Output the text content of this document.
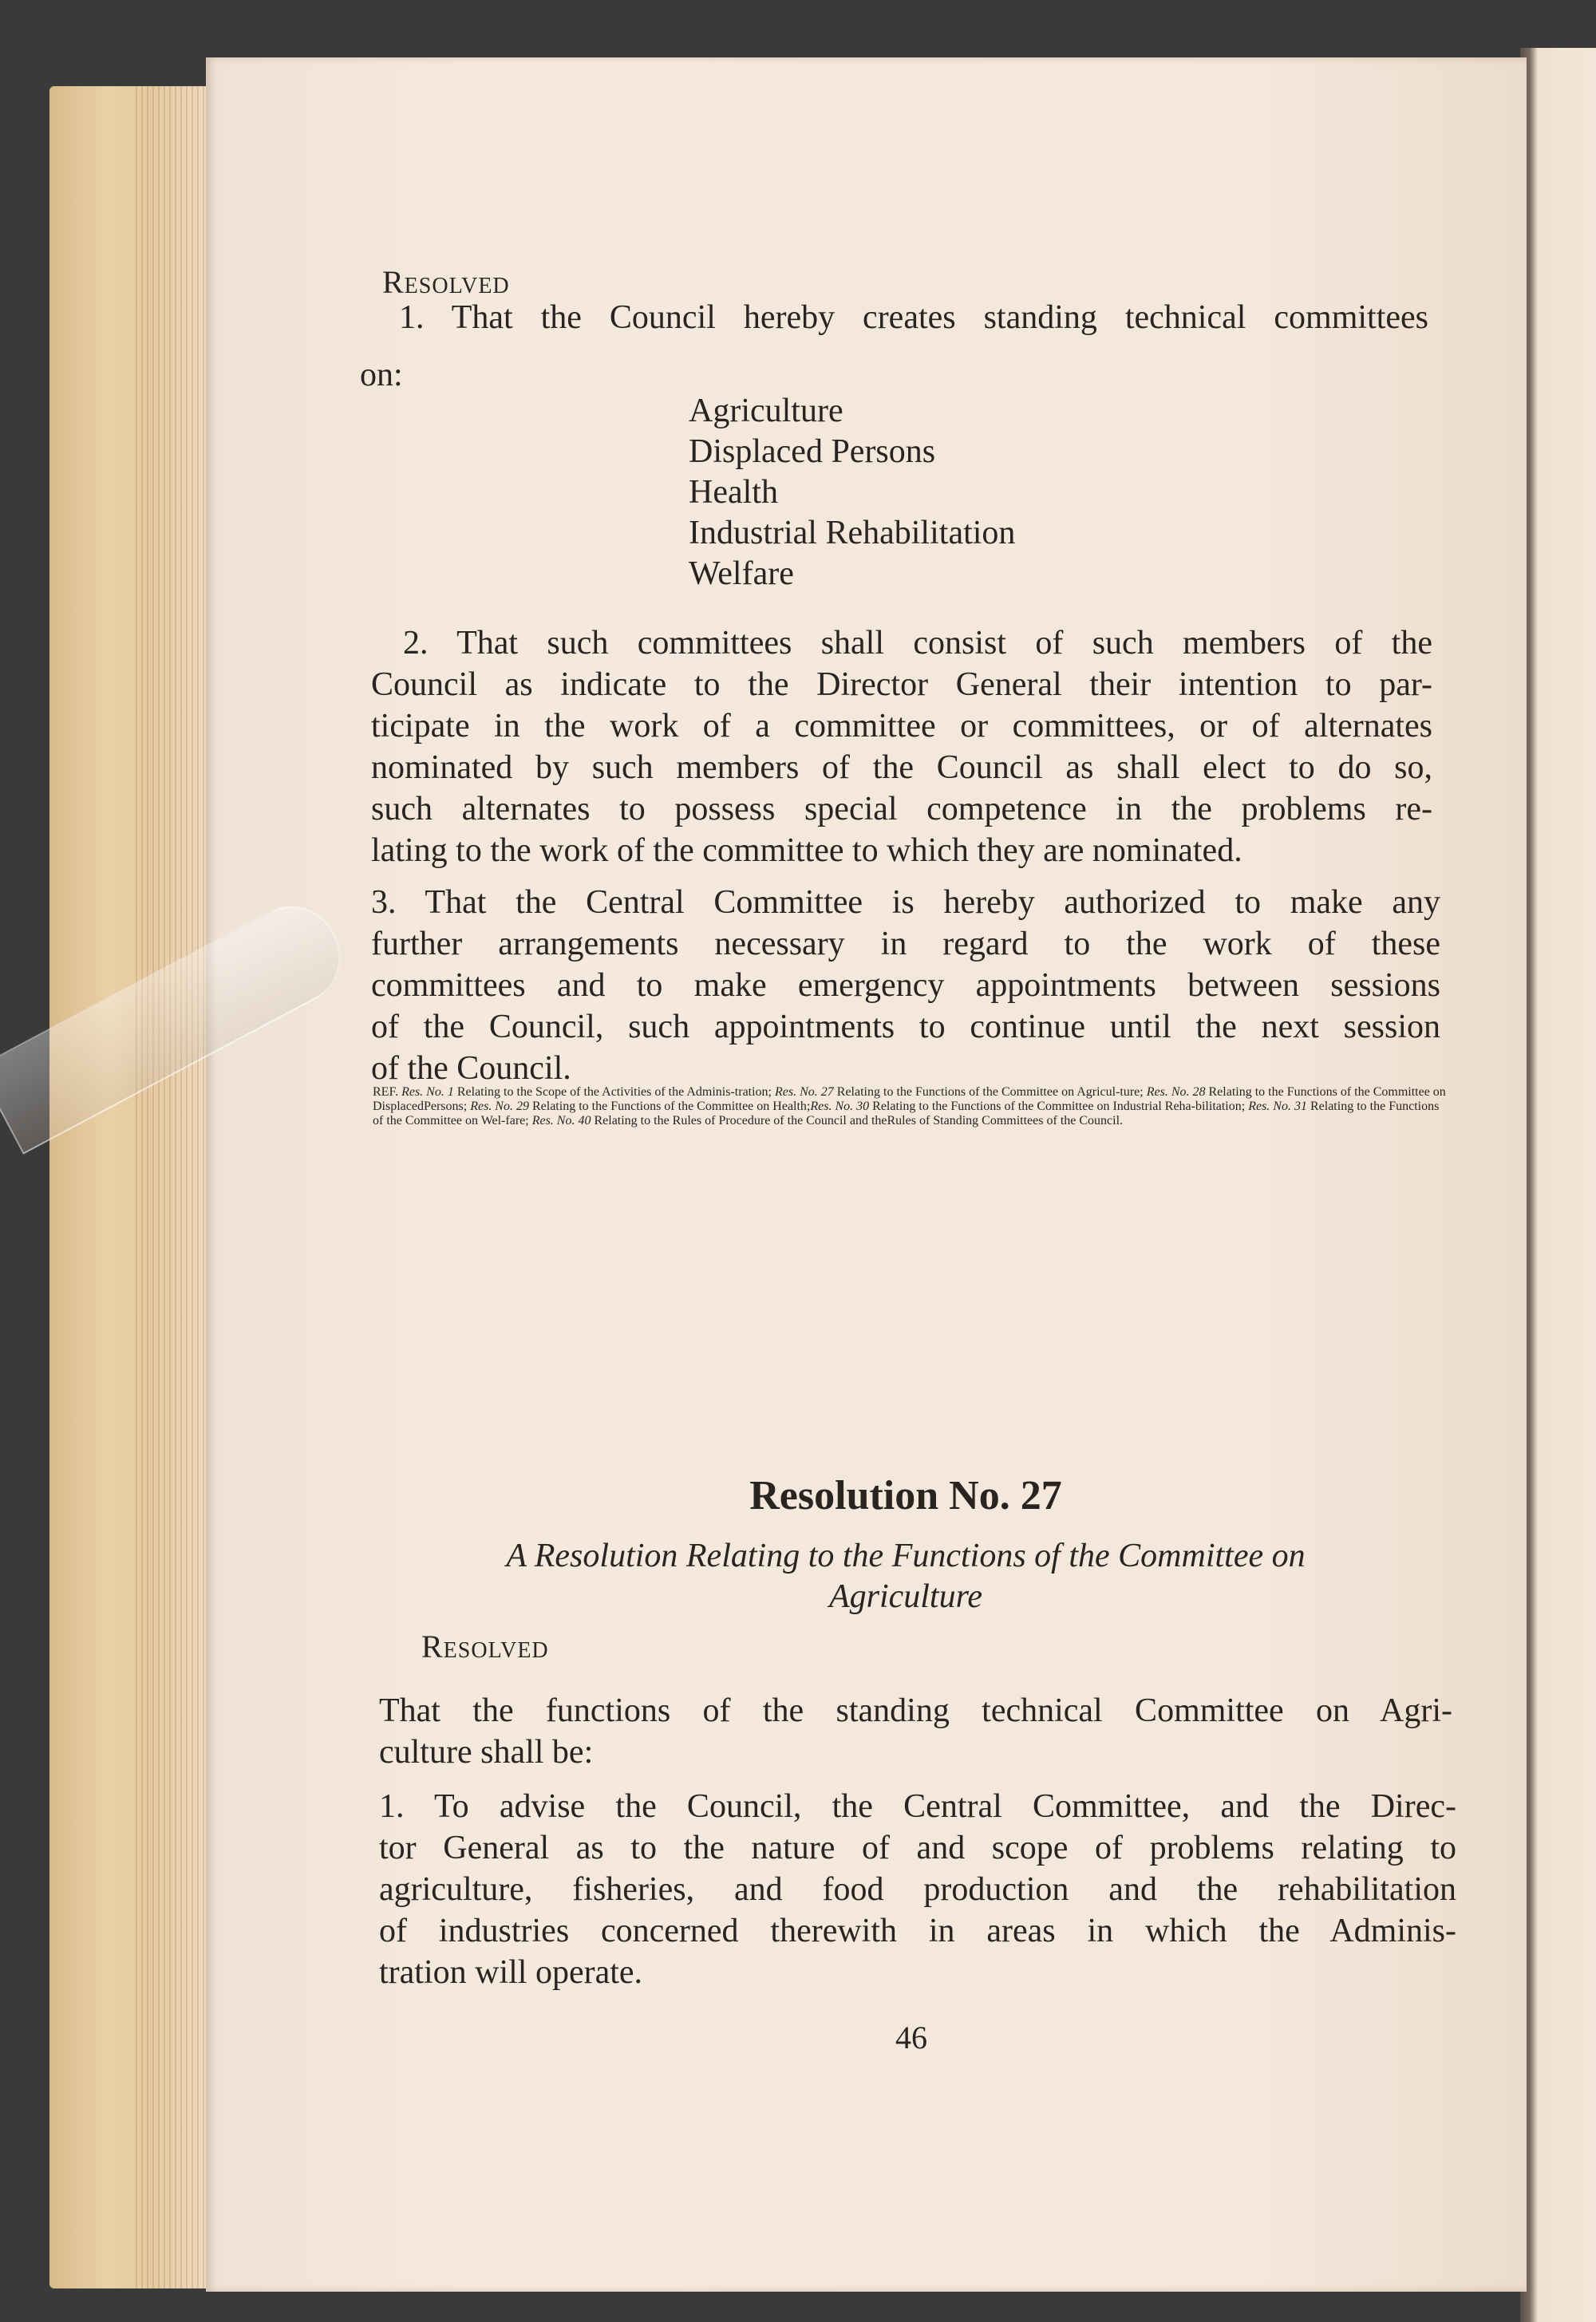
Resolved
1. That the Council hereby creates standing technical committees
on:
Agriculture
Displaced Persons
Health
Industrial Rehabilitation
Welfare
2. That such committees shall consist of such members of the
Council as indicate to the Director General their intention to par-
ticipate in the work of a committee or committees, or of alternates
nominated by such members of the Council as shall elect to do so,
such alternates to possess special competence in the problems re-
lating to the work of the committee to which they are nominated.
3. That the Central Committee is hereby authorized to make any
further arrangements necessary in regard to the work of these
committees and to make emergency appointments between sessions
of the Council, such appointments to continue until the next session
of the Council.
REF. Res. No. 1 Relating to the Scope of the Activities of the Adminis-tration; Res. No. 27 Relating to the Functions of the Committee on Agricul-ture; Res. No. 28 Relating to the Functions of the Committee on DisplacedPersons; Res. No. 29 Relating to the Functions of the Committee on Health;Res. No. 30 Relating to the Functions of the Committee on Industrial Reha-bilitation; Res. No. 31 Relating to the Functions of the Committee on Wel-fare; Res. No. 40 Relating to the Rules of Procedure of the Council and theRules of Standing Committees of the Council.
Resolution No. 27
A Resolution Relating to the Functions of the Committee on
Agriculture
Resolved
That the functions of the standing technical Committee on Agri-
culture shall be:
1. To advise the Council, the Central Committee, and the Direc-
tor General as to the nature of and scope of problems relating to
agriculture, fisheries, and food production and the rehabilitation
of industries concerned therewith in areas in which the Adminis-
tration will operate.
46
